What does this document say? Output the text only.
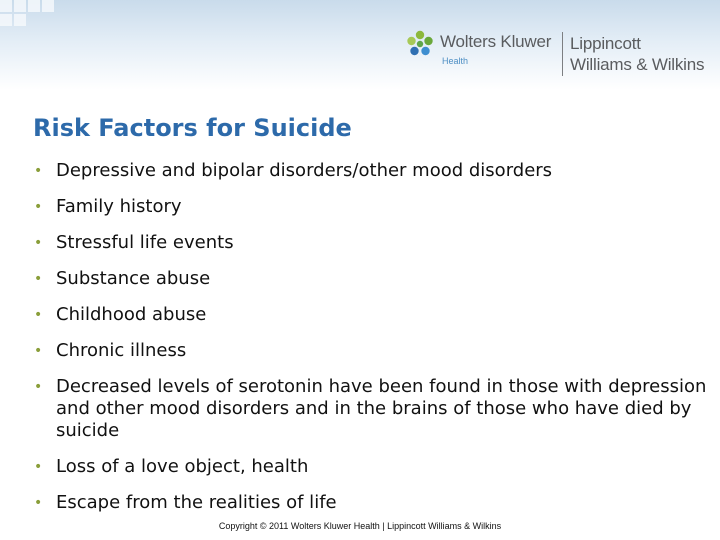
Wolters Kluwer
Health
Lippincott
Williams & Wilkins
Risk Factors for Suicide
• Depressive and bipolar disorders/other mood disorders
• Family history
• Stressful life events
• Substance abuse
• Childhood abuse
• Chronic illness
• Decreased levels of serotonin have been found in those with depression and other mood disorders and in the brains of those who have died by suicide
• Loss of a love object, health
• Escape from the realities of life
Copyright © 2011 Wolters Kluwer Health | Lippincott Williams & Wilkins
